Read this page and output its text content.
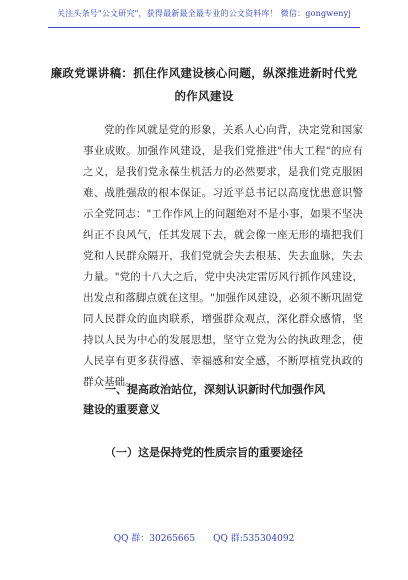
关注头条号"公文研究"，获得最新最全最专业的公文资料库！ 微信：gongwenyj
廉政党课讲稿：抓住作风建设核心问题，纵深推进新时代党的作风建设

党的作风就是党的形象，关系人心向背，决定党和国家事业成败。加强作风建设，是我们党推进"伟大工程"的应有之义，是我们党永葆生机活力的必然要求，是我们党克服困难、战胜强敌的根本保证。习近平总书记以高度忧患意识警示全党同志："工作作风上的问题绝对不是小事，如果不坚决纠正不良风气，任其发展下去，就会像一座无形的墙把我们党和人民群众隔开，我们党就会失去根基、失去血脉，失去力量。"党的十八大之后，党中央决定雷厉风行抓作风建设，出发点和落脚点就在这里。"加强作风建设，必须不断巩固党同人民群众的血肉联系，增强群众观点，深化群众感情，坚持以人民为中心的发展思想，坚守立党为公的执政理念，使人民享有更多获得感、幸福感和安全感，不断厚植党执政的群众基础。

一、提高政治站位，深刻认识新时代加强作风建设的重要意义
（一）这是保持党的性质宗旨的重要途径
QQ 群：30265665 QQ 群:535304092
